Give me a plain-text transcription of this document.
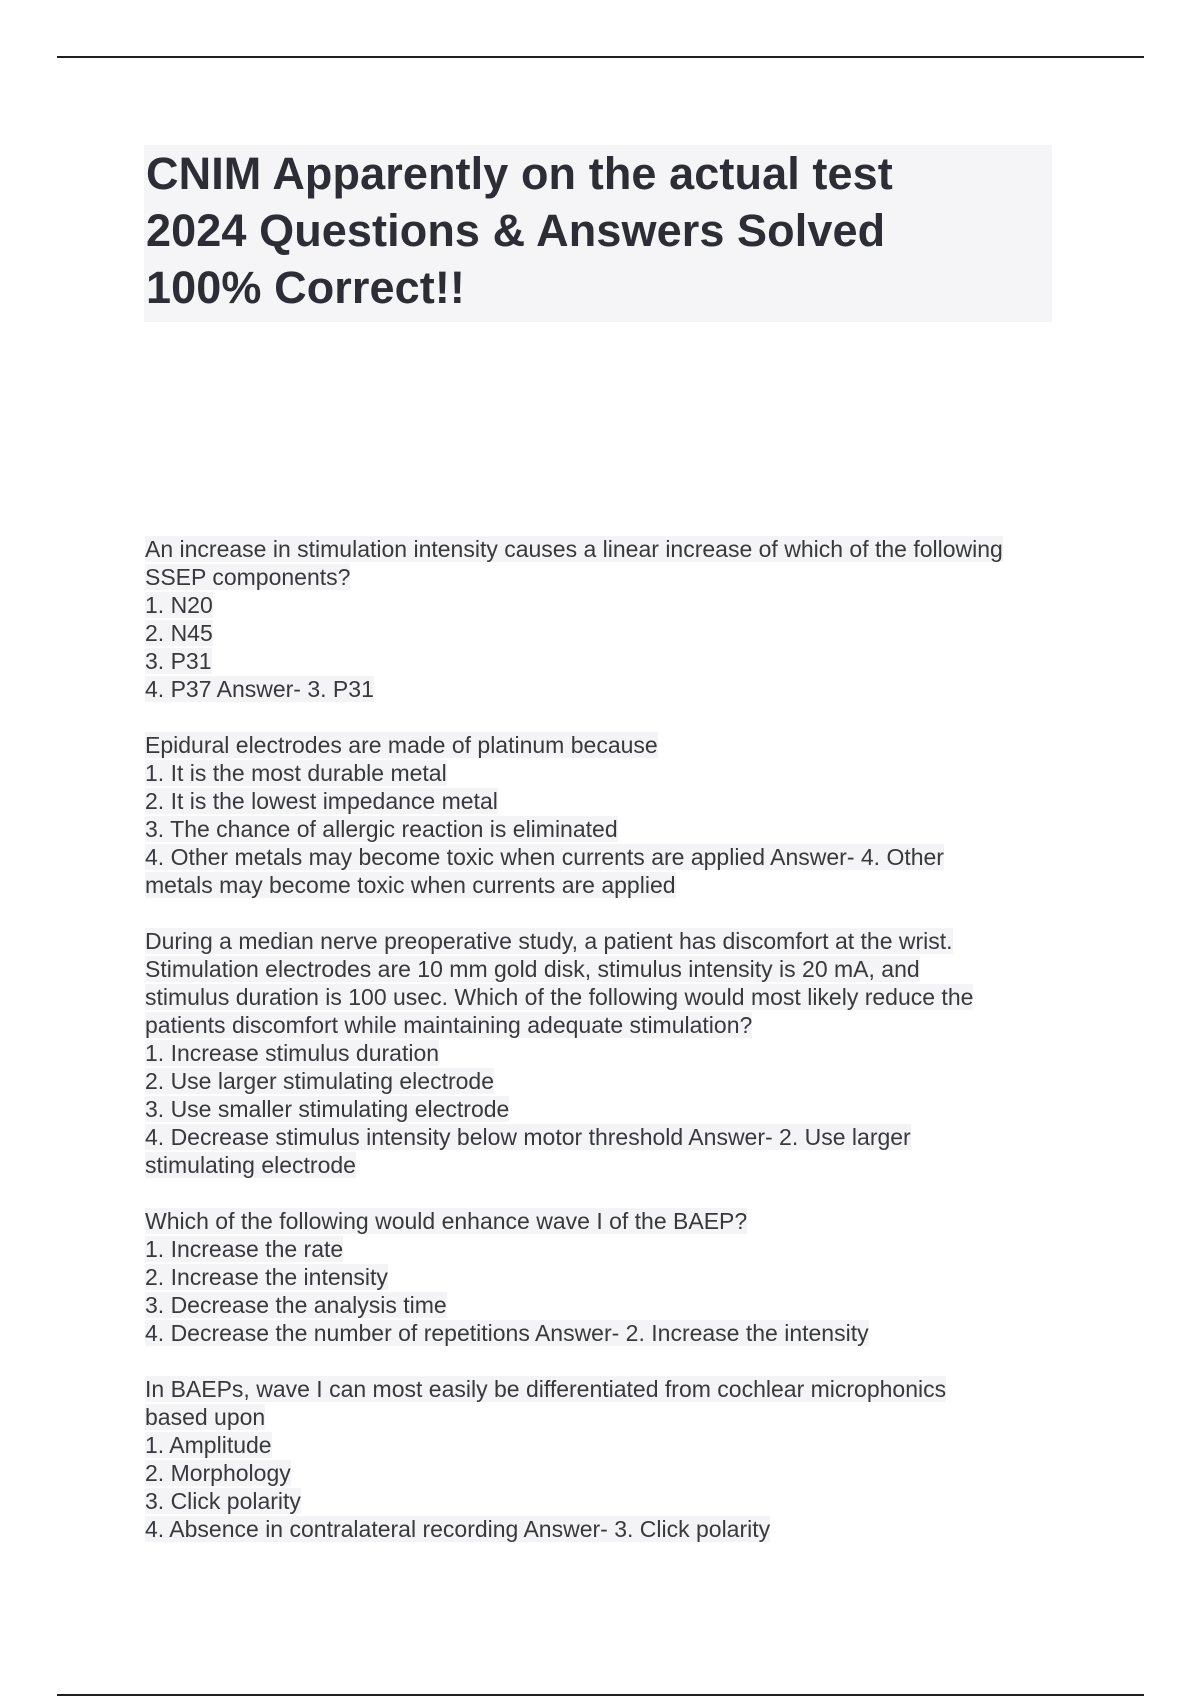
CNIM Apparently on the actual test
2024 Questions & Answers Solved
100% Correct!!
An increase in stimulation intensity causes a linear increase of which of the following
SSEP components?
1. N20
2. N45
3. P31
4. P37 Answer- 3. P31
Epidural electrodes are made of platinum because
1. It is the most durable metal
2. It is the lowest impedance metal
3. The chance of allergic reaction is eliminated
4. Other metals may become toxic when currents are applied Answer- 4. Other
metals may become toxic when currents are applied
During a median nerve preoperative study, a patient has discomfort at the wrist.
Stimulation electrodes are 10 mm gold disk, stimulus intensity is 20 mA, and
stimulus duration is 100 usec. Which of the following would most likely reduce the
patients discomfort while maintaining adequate stimulation?
1. Increase stimulus duration
2. Use larger stimulating electrode
3. Use smaller stimulating electrode
4. Decrease stimulus intensity below motor threshold Answer- 2. Use larger
stimulating electrode
Which of the following would enhance wave I of the BAEP?
1. Increase the rate
2. Increase the intensity
3. Decrease the analysis time
4. Decrease the number of repetitions Answer- 2. Increase the intensity
In BAEPs, wave I can most easily be differentiated from cochlear microphonics
based upon
1. Amplitude
2. Morphology
3. Click polarity
4. Absence in contralateral recording Answer- 3. Click polarity
